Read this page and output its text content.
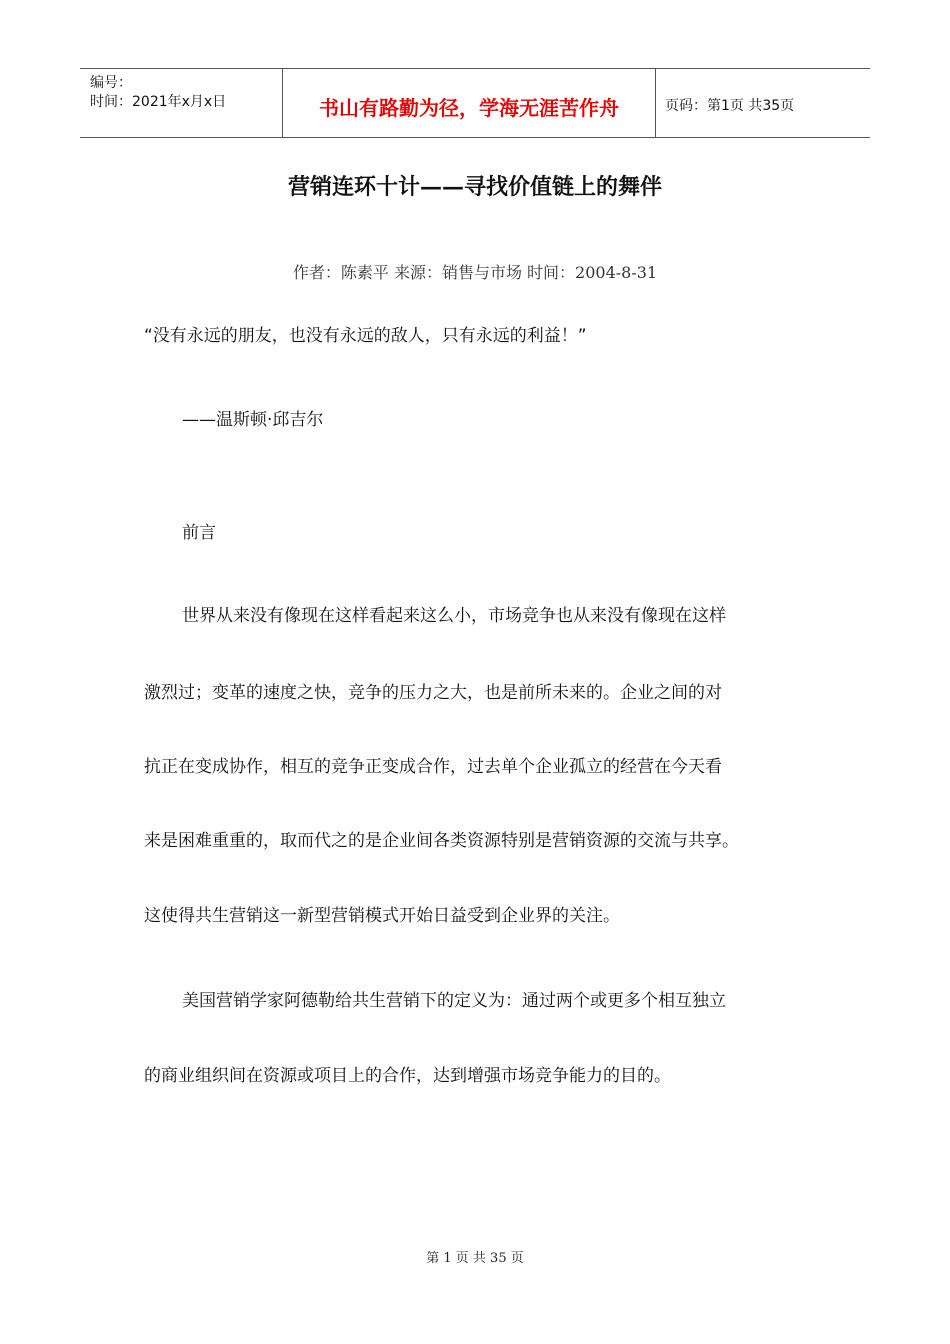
编号：
时间：2021年x月x日	书山有路勤为径，学海无涯苦作舟	页码：第1页 共35页
营销连环十计——寻找价值链上的舞伴
作者：陈素平 来源：销售与市场 时间：2004-8-31
“没有永远的朋友，也没有永远的敌人，只有永远的利益！”
——温斯顿·邱吉尔
前言
世界从来没有像现在这样看起来这么小，市场竞争也从来没有像现在这样
激烈过；变革的速度之快，竞争的压力之大，也是前所未来的。企业之间的对
抗正在变成协作，相互的竞争正变成合作，过去单个企业孤立的经营在今天看
来是困难重重的，取而代之的是企业间各类资源特别是营销资源的交流与共享。
这使得共生营销这一新型营销模式开始日益受到企业界的关注。
美国营销学家阿德勒给共生营销下的定义为：通过两个或更多个相互独立
的商业组织间在资源或项目上的合作，达到增强市场竞争能力的目的。
第 1 页 共 35 页
